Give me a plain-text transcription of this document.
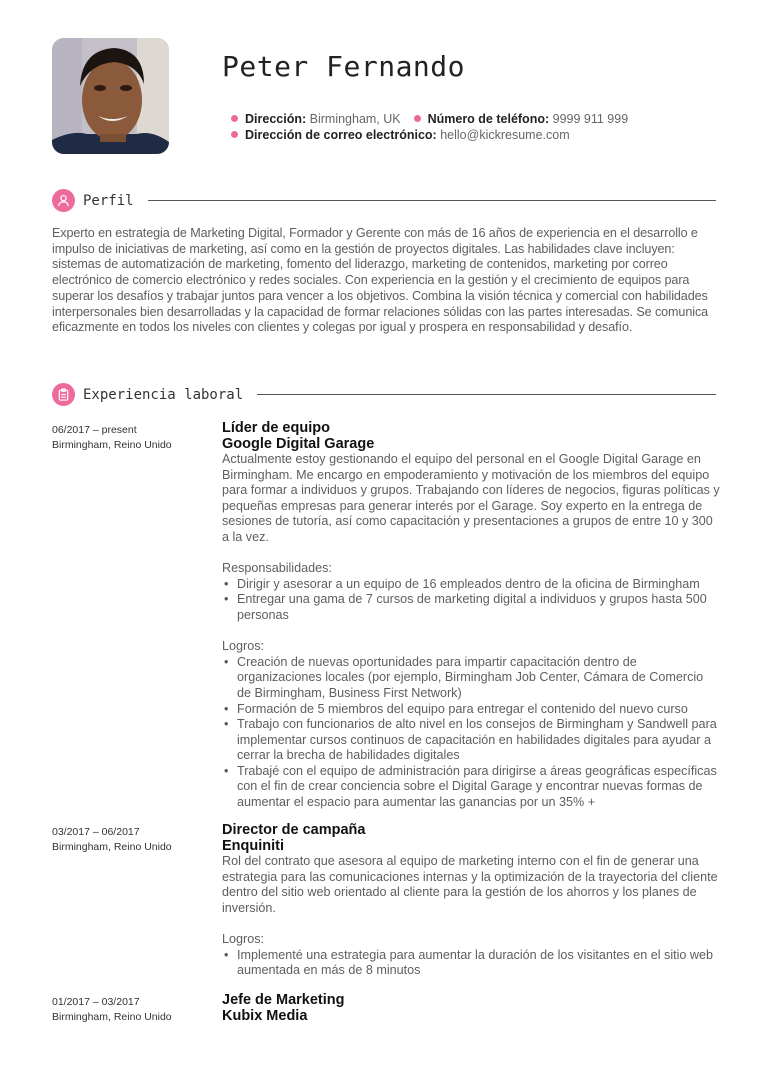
Peter Fernando
Dirección: Birmingham, UK Número de teléfono: 9999 911 999
Dirección de correo electrónico: hello@kickresume.com
Perfil

Experto en estrategia de Marketing Digital, Formador y Gerente con más de 16 años de experiencia en el desarrollo e impulso de iniciativas de marketing, así como en la gestión de proyectos digitales. Las habilidades clave incluyen: sistemas de automatización de marketing, fomento del liderazgo, marketing de contenidos, marketing por correo electrónico de comercio electrónico y redes sociales. Con experiencia en la gestión y el crecimiento de equipos para superar los desafíos y trabajar juntos para vencer a los objetivos. Combina la visión técnica y comercial con habilidades interpersonales bien desarrolladas y la capacidad de formar relaciones sólidas con las partes interesadas. Se comunica eficazmente en todos los niveles con clientes y colegas por igual y prospera en responsabilidad y desafío.

Experiencia laboral
06/2017 – present
Birmingham, Reino Unido
Líder de equipo
Google Digital Garage

Actualmente estoy gestionando el equipo del personal en el Google Digital Garage en Birmingham. Me encargo en empoderamiento y motivación de los miembros del equipo para formar a individuos y grupos. Trabajando con líderes de negocios, figuras políticas y pequeñas empresas para generar interés por el Garage. Soy experto en la entrega de sesiones de tutoría, así como capacitación y presentaciones a grupos de entre 10 y 300 a la vez.

Responsabilidades:
• Dirigir y asesorar a un equipo de 16 empleados dentro de la oficina de Birmingham
• Entregar una gama de 7 cursos de marketing digital a individuos y grupos hasta 500 personas
Logros:
• Creación de nuevas oportunidades para impartir capacitación dentro de organizaciones locales (por ejemplo, Birmingham Job Center, Cámara de Comercio de Birmingham, Business First Network)
• Formación de 5 miembros del equipo para entregar el contenido del nuevo curso
• Trabajo con funcionarios de alto nivel en los consejos de Birmingham y Sandwell para implementar cursos continuos de capacitación en habilidades digitales para ayudar a cerrar la brecha de habilidades digitales
• Trabajé con el equipo de administración para dirigirse a áreas geográficas específicas con el fin de crear conciencia sobre el Digital Garage y encontrar nuevas formas de aumentar el espacio para aumentar las ganancias por un 35% +
03/2017 – 06/2017
Birmingham, Reino Unido
Director de campaña
Enquiniti

Rol del contrato que asesora al equipo de marketing interno con el fin de generar una estrategia para las comunicaciones internas y la optimización de la trayectoria del cliente dentro del sitio web orientado al cliente para la gestión de los ahorros y los planes de inversión.

Logros:
• Implementé una estrategia para aumentar la duración de los visitantes en el sitio web aumentada en más de 8 minutos
01/2017 – 03/2017
Birmingham, Reino Unido
Jefe de Marketing
Kubix Media
